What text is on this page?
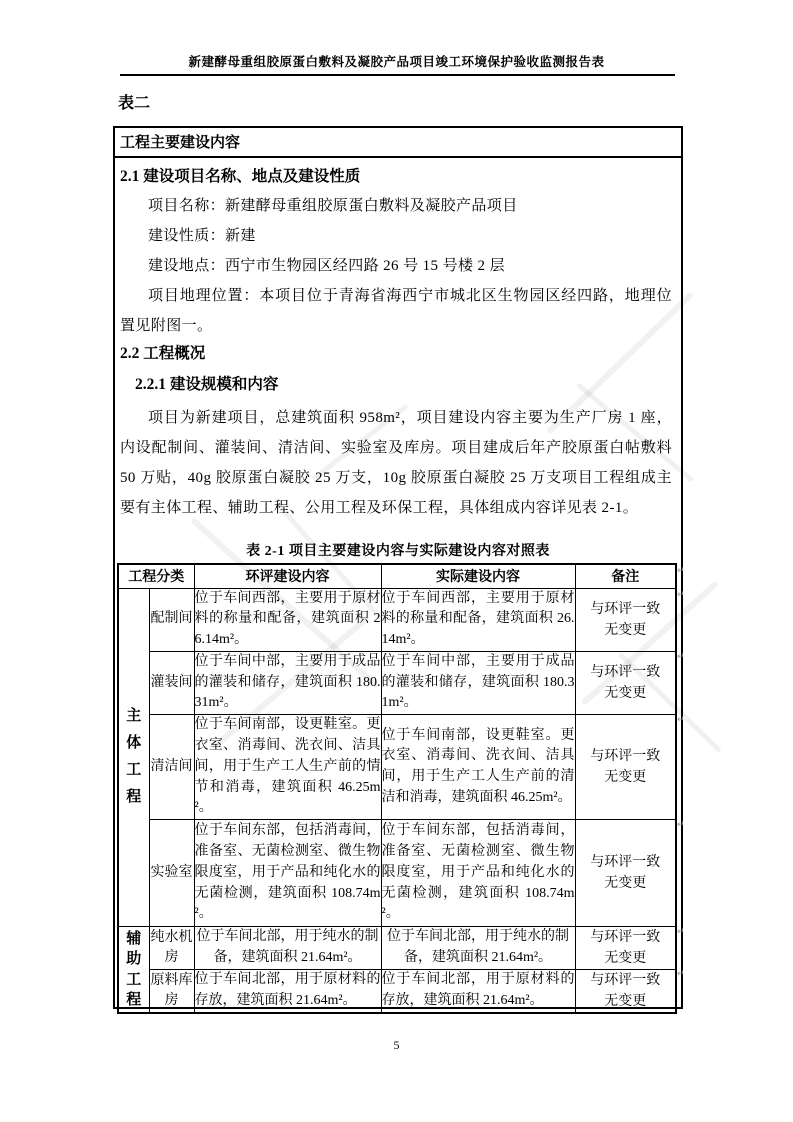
新建酵母重组胶原蛋白敷料及凝胶产品项目竣工环境保护验收监测报告表
表二
工程主要建设内容
2.1 建设项目名称、地点及建设性质
项目名称：新建酵母重组胶原蛋白敷料及凝胶产品项目
建设性质：新建
建设地点：西宁市生物园区经四路 26 号 15 号楼 2 层
项目地理位置：本项目位于青海省海西宁市城北区生物园区经四路，地理位
置见附图一。
2.2 工程概况
2.2.1 建设规模和内容
项目为新建项目，总建筑面积 958m²，项目建设内容主要为生产厂房 1 座，
内设配制间、灌装间、清洁间、实验室及库房。项目建成后年产胶原蛋白帖敷料
50 万贴，40g 胶原蛋白凝胶 25 万支，10g 胶原蛋白凝胶 25 万支项目工程组成主
要有主体工程、辅助工程、公用工程及环保工程，具体组成内容详见表 2-1。
表 2-1 项目主要建设内容与实际建设内容对照表
工程分类		环评建设内容	实际建设内容	备注

主体工程	配制间	位于车间西部，主要用于原材料的称量和配备，建筑面积 26.14m²。	位于车间西部，主要用于原材料的称量和配备，建筑面积 26.14m²。	与环评一致
无变更

	灌装间	位于车间中部，主要用于成品的灌装和储存，建筑面积 180.31m²。	位于车间中部，主要用于成品的灌装和储存，建筑面积 180.31m²。	与环评一致
无变更

	清洁间	位于车间南部，设更鞋室。更衣室、消毒间、洗衣间、洁具间，用于生产工人生产前的情节和消毒，建筑面积 46.25m²。	位于车间南部，设更鞋室。更衣室、消毒间、洗衣间、洁具间，用于生产工人生产前的清洁和消毒，建筑面积 46.25m²。	与环评一致
无变更

	实验室	位于车间东部，包括消毒间，准备室、无菌检测室、微生物限度室，用于产品和纯化水的无菌检测，建筑面积 108.74m²。	位于车间东部，包括消毒间，准备室、无菌检测室、微生物限度室，用于产品和纯化水的无菌检测，建筑面积 108.74m²。	与环评一致
无变更

辅助工程	纯水机房	位于车间北部，用于纯水的制备，建筑面积 21.64m²。	位于车间北部，用于纯水的制备，建筑面积 21.64m²。	与环评一致
无变更

	原料库房	位于车间北部，用于原材料的存放，建筑面积 21.64m²。	位于车间北部，用于原材料的存放，建筑面积 21.64m²。	与环评一致
无变更
↵
↵
↵
↵
↵
↵
↵
5
